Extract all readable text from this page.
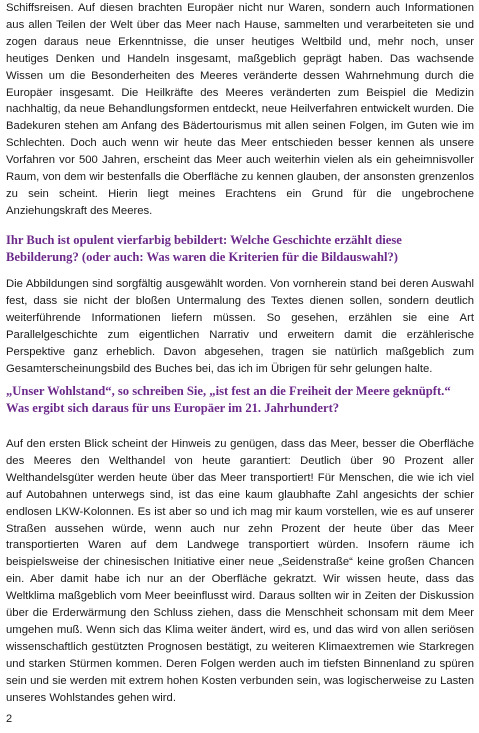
Schiffsreisen. Auf diesen brachten Europäer nicht nur Waren, sondern auch Informationen aus allen Teilen der Welt über das Meer nach Hause, sammelten und verarbeiteten sie und zogen daraus neue Erkenntnisse, die unser heutiges Weltbild und, mehr noch, unser heutiges Denken und Handeln insgesamt, maßgeblich geprägt haben. Das wachsende Wissen um die Besonderheiten des Meeres veränderte dessen Wahrnehmung durch die Europäer insgesamt. Die Heilkräfte des Meeres veränderten zum Beispiel die Medizin nachhaltig, da neue Behandlungsformen entdeckt, neue Heilverfahren entwickelt wurden. Die Badekuren stehen am Anfang des Bädertourismus mit allen seinen Folgen, im Guten wie im Schlechten. Doch auch wenn wir heute das Meer entschieden besser kennen als unsere Vorfahren vor 500 Jahren, erscheint das Meer auch weiterhin vielen als ein geheimnisvoller Raum, von dem wir bestenfalls die Oberfläche zu kennen glauben, der ansonsten grenzenlos zu sein scheint. Hierin liegt meines Erachtens ein Grund für die ungebrochene Anziehungskraft des Meeres.

Ihr Buch ist opulent vierfarbig bebildert: Welche Geschichte erzählt diese Bebilderung? (oder auch: Was waren die Kriterien für die Bildauswahl?)

Die Abbildungen sind sorgfältig ausgewählt worden. Von vornherein stand bei deren Auswahl fest, dass sie nicht der bloßen Untermalung des Textes dienen sollen, sondern deutlich weiterführende Informationen liefern müssen. So gesehen, erzählen sie eine Art Parallelgeschichte zum eigentlichen Narrativ und erweitern damit die erzählerische Perspektive ganz erheblich. Davon abgesehen, tragen sie natürlich maßgeblich zum Gesamterscheinungsbild des Buches bei, das ich im Übrigen für sehr gelungen halte.

„Unser Wohlstand“, so schreiben Sie, „ist fest an die Freiheit der Meere geknüpft.“ Was ergibt sich daraus für uns Europäer im 21. Jahrhundert?

Auf den ersten Blick scheint der Hinweis zu genügen, dass das Meer, besser die Oberfläche des Meeres den Welthandel von heute garantiert: Deutlich über 90 Prozent aller Welthandelsgüter werden heute über das Meer transportiert! Für Menschen, die wie ich viel auf Autobahnen unterwegs sind, ist das eine kaum glaubhafte Zahl angesichts der schier endlosen LKW-Kolonnen. Es ist aber so und ich mag mir kaum vorstellen, wie es auf unserer Straßen aussehen würde, wenn auch nur zehn Prozent der heute über das Meer transportierten Waren auf dem Landwege transportiert würden. Insofern räume ich beispielsweise der chinesischen Initiative einer neue „Seidenstraße“ keine großen Chancen ein. Aber damit habe ich nur an der Oberfläche gekratzt. Wir wissen heute, dass das Weltklima maßgeblich vom Meer beeinflusst wird. Daraus sollten wir in Zeiten der Diskussion über die Erderwärmung den Schluss ziehen, dass die Menschheit schonsam mit dem Meer umgehen muß. Wenn sich das Klima weiter ändert, wird es, und das wird von allen seriösen wissenschaftlich gestützten Prognosen bestätigt, zu weiteren Klimaextremen wie Starkregen und starken Stürmen kommen. Deren Folgen werden auch im tiefsten Binnenland zu spüren sein und sie werden mit extrem hohen Kosten verbunden sein, was logischerweise zu Lasten unseres Wohlstandes gehen wird.

2
